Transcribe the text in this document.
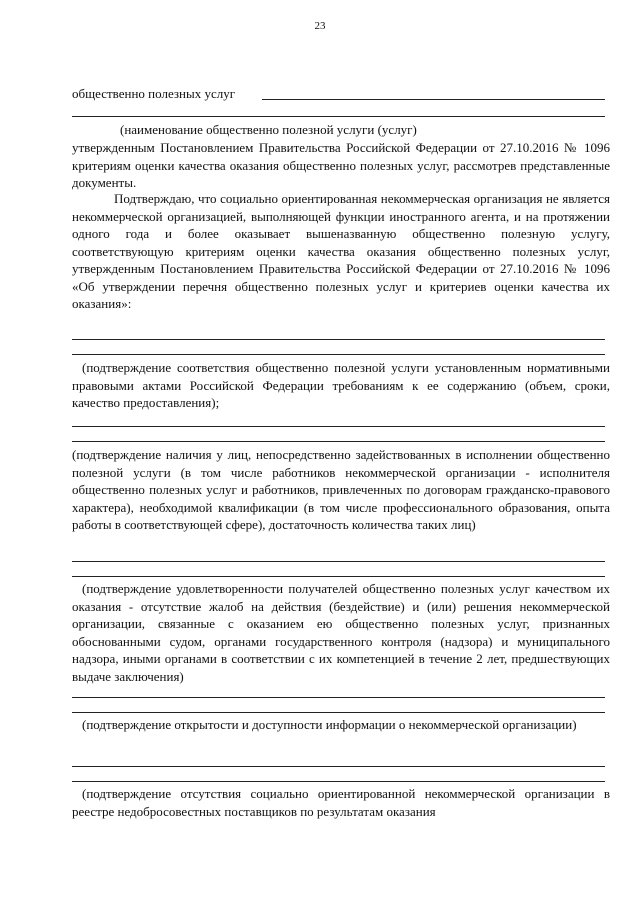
23
общественно полезных услуг

(наименование общественно полезной услуги (услуг)

утвержденным Постановлением Правительства Российской Федерации от 27.10.2016 № 1096 критериям оценки качества оказания общественно полезных услуг, рассмотрев представленные документы.

Подтверждаю, что социально ориентированная некоммерческая организация не является некоммерческой организацией, выполняющей функции иностранного агента, и на протяжении одного года и более оказывает вышеназванную общественно полезную услугу, соответствующую критериям оценки качества оказания общественно полезных услуг, утвержденным Постановлением Правительства Российской Федерации от 27.10.2016 № 1096 «Об утверждении перечня общественно полезных услуг и критериев оценки качества их оказания»:

(подтверждение соответствия общественно полезной услуги установленным нормативными правовыми актами Российской Федерации требованиям к ее содержанию (объем, сроки, качество предоставления);

(подтверждение наличия у лиц, непосредственно задействованных в исполнении общественно полезной услуги (в том числе работников некоммерческой организации - исполнителя общественно полезных услуг и работников, привлеченных по договорам гражданско-правового характера), необходимой квалификации (в том числе профессионального образования, опыта работы в соответствующей сфере), достаточность количества таких лиц)

(подтверждение удовлетворенности получателей общественно полезных услуг качеством их оказания - отсутствие жалоб на действия (бездействие) и (или) решения некоммерческой организации, связанные с оказанием ею общественно полезных услуг, признанных обоснованными судом, органами государственного контроля (надзора) и муниципального надзора, иными органами в соответствии с их компетенцией в течение 2 лет, предшествующих выдаче заключения)

(подтверждение открытости и доступности информации о некоммерческой организации)

(подтверждение отсутствия социально ориентированной некоммерческой организации в реестре недобросовестных поставщиков по результатам оказания
